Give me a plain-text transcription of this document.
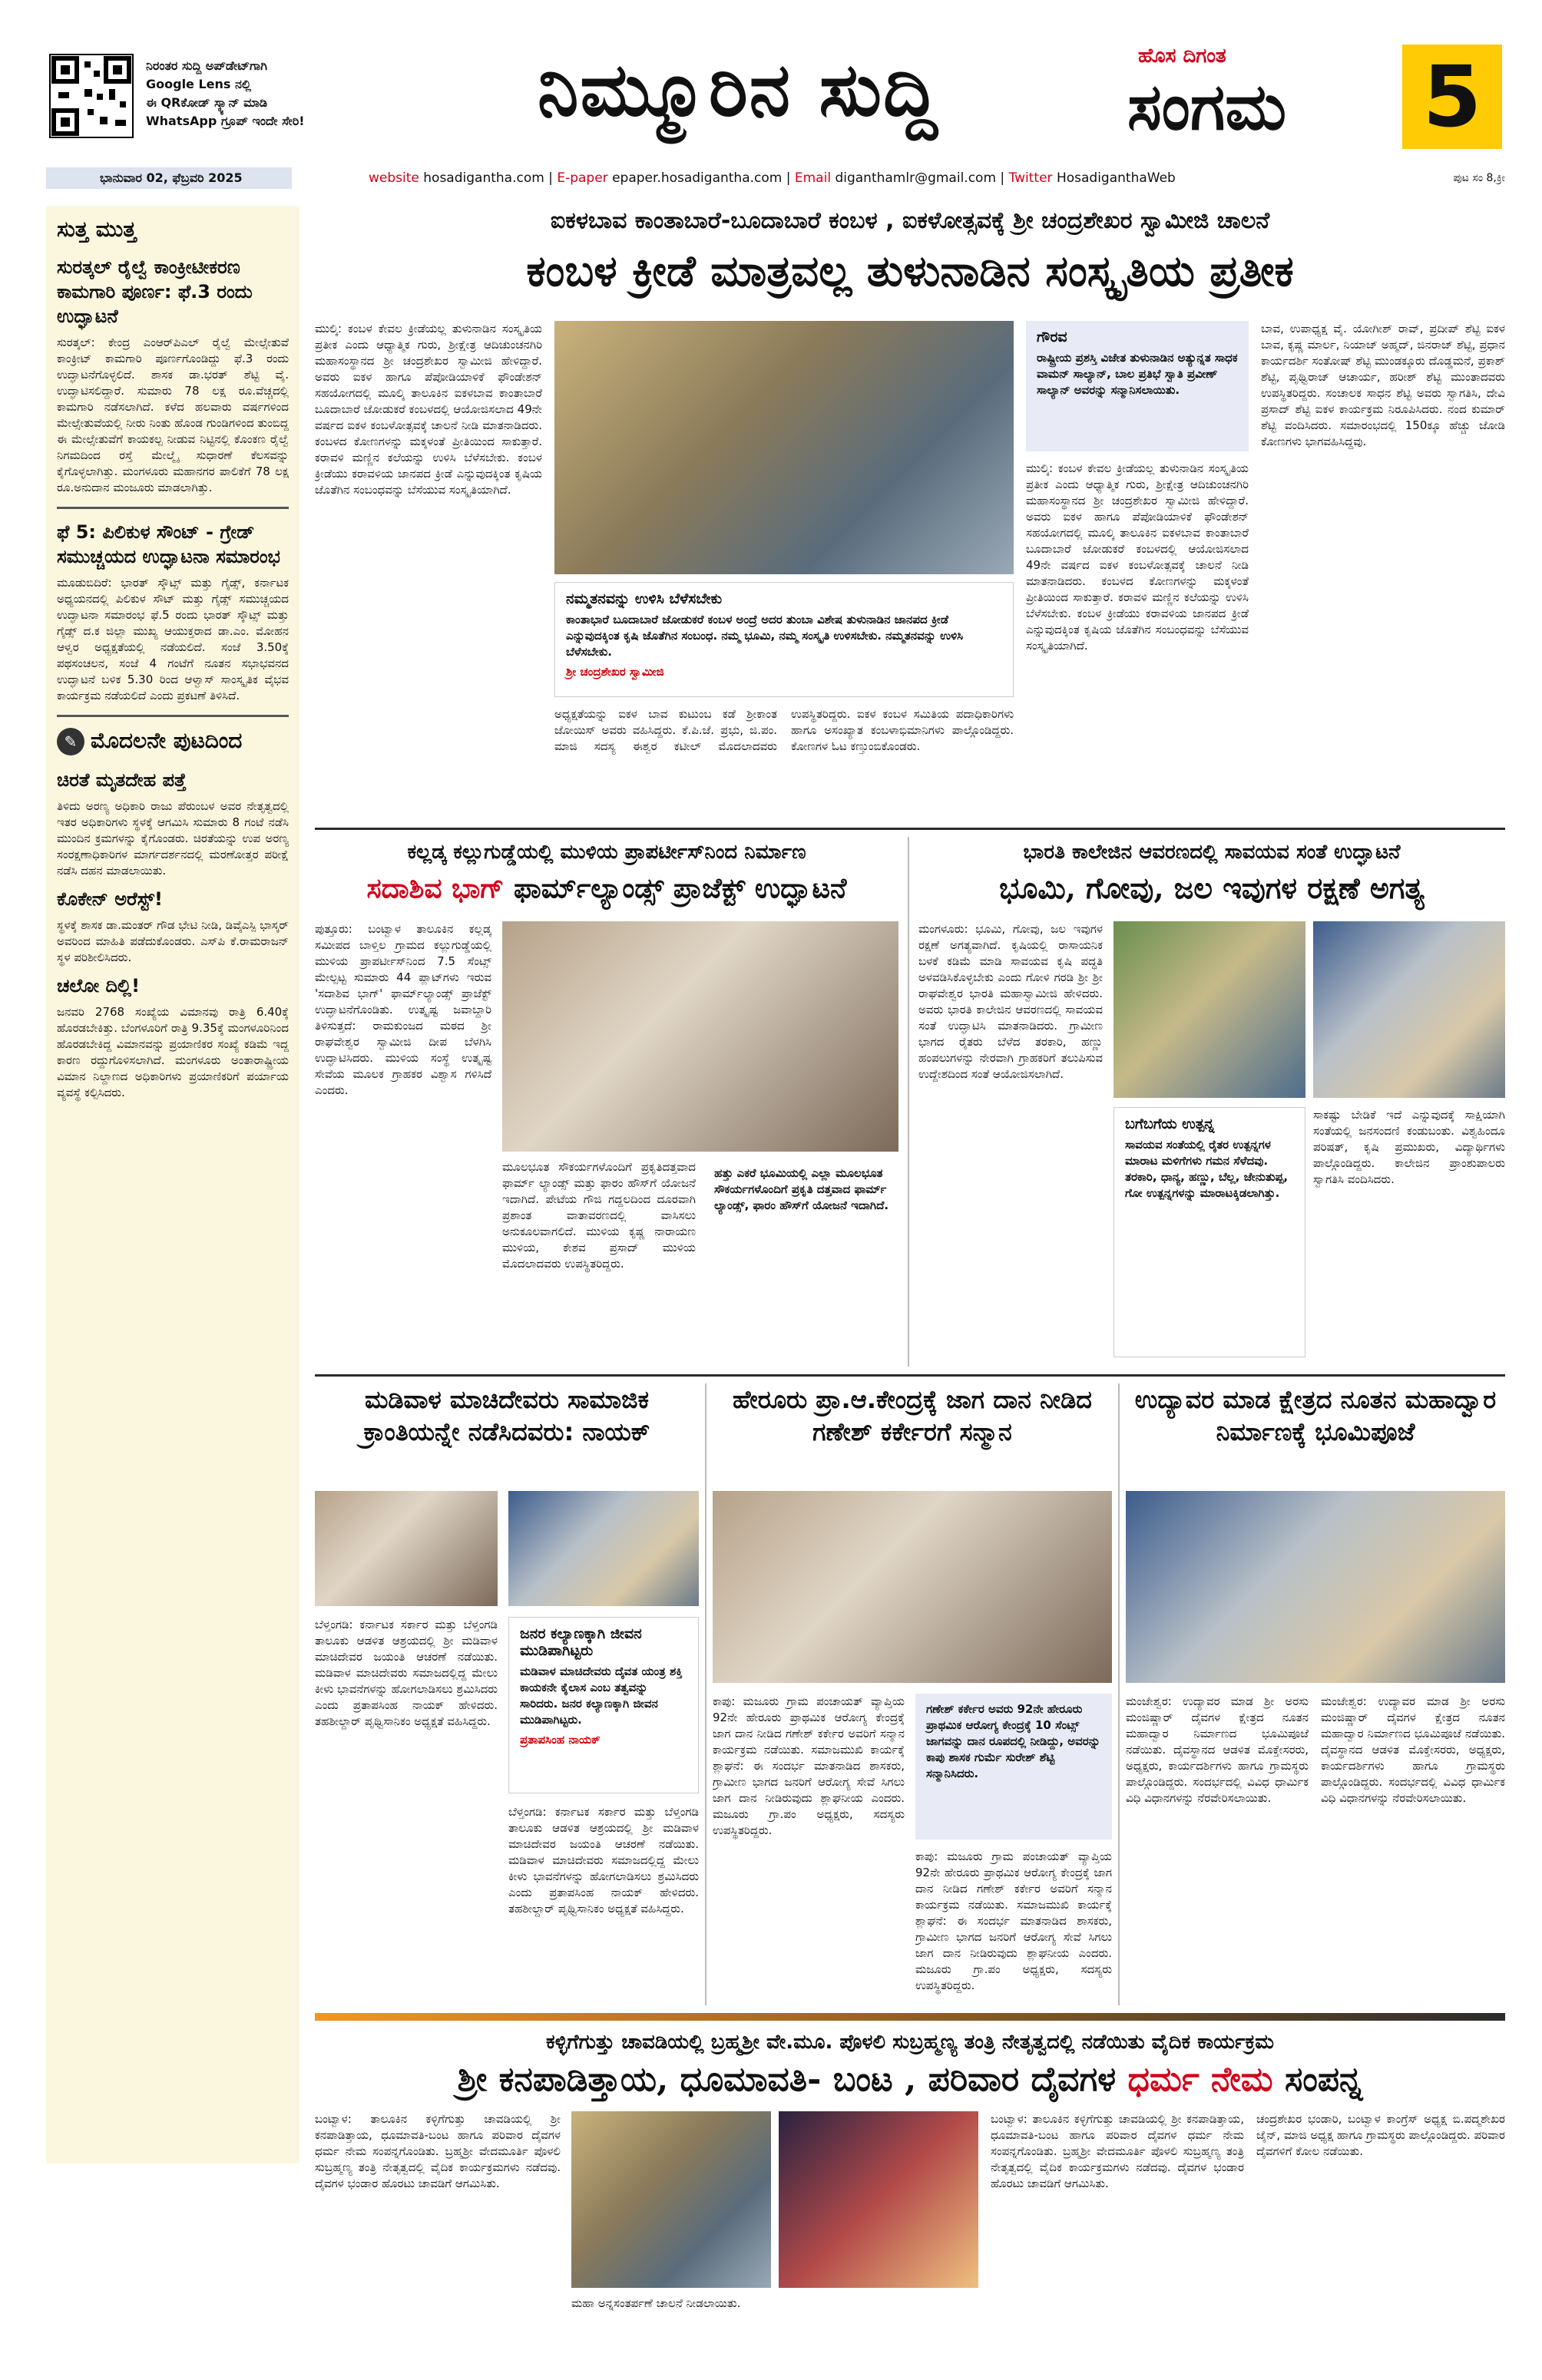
ನಿರಂತರ ಸುದ್ದಿ ಅಪ್‌ಡೇಟ್‌ಗಾಗಿ
Google Lens ನಲ್ಲಿ
ಈ QRಕೋಡ್ ಸ್ಕ್ಯಾನ್ ಮಾಡಿ
WhatsApp ಗ್ರೂಪ್ ಇಂದೇ ಸೇರಿ!	ನಿಮ್ಮೂರಿನ ಸುದ್ದಿ	ಹೊಸ ದಿಗಂತ
ಸಂಗಮ	5
ಭಾನುವಾರ 02, ಫೆಬ್ರವರಿ 2025	website hosadigantha.com | E-paper epaper.hosadigantha.com | Email diganthamlr@gmail.com | Twitter HosadiganthaWeb	ಪುಟ ಸಂ 8,ಕ್ರೀ
ಸುತ್ತ ಮುತ್ತ
ಸುರತ್ಕಲ್ ರೈಲ್ವೆ ಕಾಂಕ್ರೀಟೀಕರಣ ಕಾಮಗಾರಿ ಪೂರ್ಣ: ಫೆ.3 ರಂದು ಉದ್ಘಾಟನೆ
ಸುರತ್ಕಲ್: ಕೇಂದ್ರ ಎಂಆರ್‌ಪಿಎಲ್ ರೈಲ್ವೆ ಮೇಲ್ಸೇತುವೆ ಕಾಂಕ್ರೀಟ್ ಕಾಮಗಾರಿ ಪೂರ್ಣಗೊಂಡಿದ್ದು ಫೆ.3 ರಂದು ಉದ್ಘಾಟನೆಗೊಳ್ಳಲಿದೆ. ಶಾಸಕ ಡಾ.ಭರತ್ ಶೆಟ್ಟಿ ವೈ. ಉದ್ಘಾಟಿಸಲಿದ್ದಾರೆ. ಸುಮಾರು 78 ಲಕ್ಷ ರೂ.ವೆಚ್ಚದಲ್ಲಿ ಕಾಮಗಾರಿ ನಡೆಸಲಾಗಿದೆ. ಕಳೆದ ಹಲವಾರು ವರ್ಷಗಳಿಂದ ಮೇಲ್ಸೇತುವೆಯಲ್ಲಿ ನೀರು ನಿಂತು ಹೊಂಡ ಗುಂಡಿಗಳಿಂದ ತುಂಬಿದ್ದ ಈ ಮೇಲ್ಸೇತುವೆಗೆ ಕಾಯಕಲ್ಪ ನೀಡುವ ನಿಟ್ಟಿನಲ್ಲಿ ಕೊಂಕಣ ರೈಲ್ವೆ ನಿಗಮದಿಂದ ರಸ್ತೆ ಮೇಲ್ಮೈ ಸುಧಾರಣೆ ಕೆಲಸವನ್ನು ಕೈಗೊಳ್ಳಲಾಗಿತ್ತು. ಮಂಗಳೂರು ಮಹಾನಗರ ಪಾಲಿಕೆಗೆ 78 ಲಕ್ಷ ರೂ.ಅನುದಾನ ಮಂಜೂರು ಮಾಡಲಾಗಿತ್ತು.
ಫೆ 5: ಪಿಲಿಕುಳ ಸೌಂಟ್ - ಗ್ರೇಡ್ ಸಮುಚ್ಚಯದ ಉದ್ಘಾಟನಾ ಸಮಾರಂಭ
ಮೂಡುಬಿದಿರೆ: ಭಾರತ್ ಸ್ಕೌಟ್ಸ್ ಮತ್ತು ಗೈಡ್ಸ್, ಕರ್ನಾಟಕ ಅಧ್ಯಯನದಲ್ಲಿ ಪಿಲಿಕುಳ ಸೌಟ್ ಮತ್ತು ಗೈಡ್ಸ್ ಸಮುಚ್ಚಯದ ಉದ್ಘಾಟನಾ ಸಮಾರಂಭ ಫೆ.5 ರಂದು ಭಾರತ್ ಸ್ಕೌಟ್ಸ್ ಮತ್ತು ಗೈಡ್ಸ್ ದ.ಕ ಜಿಲ್ಲಾ ಮುಖ್ಯ ಆಯುಕ್ತರಾದ ಡಾ.ಎಂ. ಮೋಹನ ಆಳ್ವರ ಅಧ್ಯಕ್ಷತೆಯಲ್ಲಿ ನಡೆಯಲಿದೆ. ಸಂಜೆ 3.50ಕ್ಕೆ ಪಥಸಂಚಲನ, ಸಂಜೆ 4 ಗಂಟೆಗೆ ನೂತನ ಸಭಾಭವನದ ಉದ್ಘಾಟನೆ ಬಳಿಕ 5.30 ರಿಂದ ಆಳ್ವಾಸ್ ಸಾಂಸ್ಕೃತಿಕ ವೈಭವ ಕಾರ್ಯಕ್ರಮ ನಡೆಯಲಿದೆ ಎಂದು ಪ್ರಕಟಣೆ ತಿಳಿಸಿದೆ.
✎ ಮೊದಲನೇ ಪುಟದಿಂದ
ಚಿರತೆ ಮೃತದೇಹ ಪತ್ತೆ
ತಿಳಿದು ಅರಣ್ಯ ಅಧಿಕಾರಿ ರಾಜು ಪೆರುಂಬಳ ಅವರ ನೇತೃತ್ವದಲ್ಲಿ ಇತರ ಅಧಿಕಾರಿಗಳು ಸ್ಥಳಕ್ಕೆ ಆಗಮಿಸಿ ಸುಮಾರು 8 ಗಂಟೆ ನಡೆಸಿ ಮುಂದಿನ ಕ್ರಮಗಳನ್ನು ಕೈಗೊಂಡರು. ಚಿರತೆಯನ್ನು ಉಪ ಅರಣ್ಯ ಸಂರಕ್ಷಣಾಧಿಕಾರಿಗಳ ಮಾರ್ಗದರ್ಶನದಲ್ಲಿ ಮರಣೋತ್ತರ ಪರೀಕ್ಷೆ ನಡೆಸಿ ದಹನ ಮಾಡಲಾಯಿತು.
ಕೊಕೇನ್ ಅರೆಸ್ಟ್!
ಸ್ಥಳಕ್ಕೆ ಶಾಸಕ ಡಾ.ಮಂತರ್ ಗೌಡ ಭೇಟಿ ನೀಡಿ, ಡಿವೈಎಸ್ಪಿ ಭಾಸ್ಕರ್ ಅವರಿಂದ ಮಾಹಿತಿ ಪಡೆದುಕೊಂಡರು. ಎಸ್‌ಪಿ ಕೆ.ರಾಮರಾಜನ್ ಸ್ಥಳ ಪರಿಶೀಲಿಸಿದರು.
ಚಲೋ ದಿಲ್ಲಿ!
ಜನವರಿ 2768 ಸಂಖ್ಯೆಯ ವಿಮಾನವು ರಾತ್ರಿ 6.40ಕ್ಕೆ ಹೊರಡಬೇಕಿತ್ತು. ಬೆಂಗಳೂರಿಗೆ ರಾತ್ರಿ 9.35ಕ್ಕೆ ಮಂಗಳೂರಿನಿಂದ ಹೊರಡಬೇಕಿದ್ದ ವಿಮಾನವನ್ನು ಪ್ರಯಾಣಿಕರ ಸಂಖ್ಯೆ ಕಡಿಮೆ ಇದ್ದ ಕಾರಣ ರದ್ದುಗೊಳಿಸಲಾಗಿದೆ. ಮಂಗಳೂರು ಅಂತಾರಾಷ್ಟ್ರೀಯ ವಿಮಾನ ನಿಲ್ದಾಣದ ಅಧಿಕಾರಿಗಳು ಪ್ರಯಾಣಿಕರಿಗೆ ಪರ್ಯಾಯ ವ್ಯವಸ್ಥೆ ಕಲ್ಪಿಸಿದರು.
ಐಕಳಬಾವ ಕಾಂತಾಬಾರೆ-ಬೂದಾಬಾರೆ ಕಂಬಳ , ಐಕಳೋತ್ಸವಕ್ಕೆ ಶ್ರೀ ಚಂದ್ರಶೇಖರ ಸ್ವಾಮೀಜಿ ಚಾಲನೆ
ಕಂಬಳ ಕ್ರೀಡೆ ಮಾತ್ರವಲ್ಲ ತುಳುನಾಡಿನ ಸಂಸ್ಕೃತಿಯ ಪ್ರತೀಕ
ಮುಲ್ಕಿ: ಕಂಬಳ ಕೇವಲ ಕ್ರೀಡೆಯಲ್ಲ ತುಳುನಾಡಿನ ಸಂಸ್ಕೃತಿಯ ಪ್ರತೀಕ ಎಂದು ಆಧ್ಯಾತ್ಮಿಕ ಗುರು, ಶ್ರೀಕ್ಷೇತ್ರ ಆದಿಚುಂಚನಗಿರಿ ಮಹಾಸಂಸ್ಥಾನದ ಶ್ರೀ ಚಂದ್ರಶೇಖರ ಸ್ವಾಮೀಜಿ ಹೇಳಿದ್ದಾರೆ. ಅವರು ಐಕಳ ಹಾಗೂ ಪೆಪೋಡಿಯಾಳಿಕೆ ಫೌಂಡೇಶನ್ ಸಹಯೋಗದಲ್ಲಿ ಮೂಲ್ಕಿ ತಾಲೂಕಿನ ಐಕಳಬಾವ ಕಾಂತಾಬಾರೆ ಬೂದಾಬಾರೆ ಜೋಡುಕರೆ ಕಂಬಳದಲ್ಲಿ ಆಯೋಜಿಸಲಾದ 49ನೇ ವರ್ಷದ ಐಕಳ ಕಂಬಳೋತ್ಸವಕ್ಕೆ ಚಾಲನೆ ನೀಡಿ ಮಾತನಾಡಿದರು. ಕಂಬಳದ ಕೋಣಗಳನ್ನು ಮಕ್ಕಳಂತೆ ಪ್ರೀತಿಯಿಂದ ಸಾಕುತ್ತಾರೆ. ಕರಾವಳಿ ಮಣ್ಣಿನ ಕಲೆಯನ್ನು ಉಳಿಸಿ ಬೆಳೆಸಬೇಕು. ಕಂಬಳ ಕ್ರೀಡೆಯು ಕರಾವಳಿಯ ಜಾನಪದ ಕ್ರೀಡೆ ಎನ್ನುವುದಕ್ಕಿಂತ ಕೃಷಿಯ ಜೊತೆಗಿನ ಸಂಬಂಧವನ್ನು ಬೆಸೆಯುವ ಸಂಸ್ಕೃತಿಯಾಗಿದೆ.
ನಮ್ಮತನವನ್ನು ಉಳಿಸಿ ಬೆಳೆಸಬೇಕು
ಕಾಂತಾಭಾರೆ ಬೂದಾಬಾರೆ ಜೋಡುಕರೆ ಕಂಬಳ ಅಂದ್ರೆ ಅದರ ತುಂಬಾ ವಿಶೇಷ ತುಳುನಾಡಿನ ಜಾನಪದ ಕ್ರೀಡೆ ಎನ್ನುವುದಕ್ಕಿಂತ ಕೃಷಿ ಜೊತೆಗಿನ ಸಂಬಂಧ. ನಮ್ಮ ಭೂಮಿ, ನಮ್ಮ ಸಂಸ್ಕೃತಿ ಉಳಿಸಬೇಕು. ನಮ್ಮತನವನ್ನು ಉಳಿಸಿ ಬೆಳೆಸಬೇಕು.
ಶ್ರೀ ಚಂದ್ರಶೇಖರ ಸ್ವಾಮೀಜಿ
ಅಧ್ಯಕ್ಷತೆಯನ್ನು ಐಕಳ ಬಾವ ಕುಟುಂಬ ಕಡೆ ಶ್ರೀಕಾಂತ ಜೋಯಿಸ್ ಅವರು ವಹಿಸಿದ್ದರು. ಕೆ.ಪಿ.ಜೆ. ಪ್ರಭು, ಜಿ.ಪಂ. ಮಾಜಿ ಸದಸ್ಯ ಈಶ್ವರ ಕಟೀಲ್ ಮೊದಲಾದವರು ಉಪಸ್ಥಿತರಿದ್ದರು. ಐಕಳ ಕಂಬಳ ಸಮಿತಿಯ ಪದಾಧಿಕಾರಿಗಳು ಹಾಗೂ ಅಸಂಖ್ಯಾತ ಕಂಬಳಾಭಿಮಾನಿಗಳು ಪಾಲ್ಗೊಂಡಿದ್ದರು. ಕೋಣಗಳ ಓಟ ಕಣ್ತುಂಬಿಕೊಂಡರು.
ಗೌರವ
ರಾಷ್ಟ್ರೀಯ ಪ್ರಶಸ್ತಿ ವಿಜೇತ ತುಳುನಾಡಿನ ಅತ್ಯುನ್ನತ ಸಾಧಕ ವಾಮನ್ ಸಾಲ್ಯಾನ್, ಬಾಲ ಪ್ರತಿಭೆ ಸ್ವಾತಿ ಪ್ರವೀಣ್ ಸಾಲ್ಯಾನ್ ಅವರನ್ನು ಸನ್ಮಾನಿಸಲಾಯಿತು.
ಮುಲ್ಕಿ: ಕಂಬಳ ಕೇವಲ ಕ್ರೀಡೆಯಲ್ಲ ತುಳುನಾಡಿನ ಸಂಸ್ಕೃತಿಯ ಪ್ರತೀಕ ಎಂದು ಆಧ್ಯಾತ್ಮಿಕ ಗುರು, ಶ್ರೀಕ್ಷೇತ್ರ ಆದಿಚುಂಚನಗಿರಿ ಮಹಾಸಂಸ್ಥಾನದ ಶ್ರೀ ಚಂದ್ರಶೇಖರ ಸ್ವಾಮೀಜಿ ಹೇಳಿದ್ದಾರೆ. ಅವರು ಐಕಳ ಹಾಗೂ ಪೆಪೋಡಿಯಾಳಿಕೆ ಫೌಂಡೇಶನ್ ಸಹಯೋಗದಲ್ಲಿ ಮೂಲ್ಕಿ ತಾಲೂಕಿನ ಐಕಳಬಾವ ಕಾಂತಾಬಾರೆ ಬೂದಾಬಾರೆ ಜೋಡುಕರೆ ಕಂಬಳದಲ್ಲಿ ಆಯೋಜಿಸಲಾದ 49ನೇ ವರ್ಷದ ಐಕಳ ಕಂಬಳೋತ್ಸವಕ್ಕೆ ಚಾಲನೆ ನೀಡಿ ಮಾತನಾಡಿದರು. ಕಂಬಳದ ಕೋಣಗಳನ್ನು ಮಕ್ಕಳಂತೆ ಪ್ರೀತಿಯಿಂದ ಸಾಕುತ್ತಾರೆ. ಕರಾವಳಿ ಮಣ್ಣಿನ ಕಲೆಯನ್ನು ಉಳಿಸಿ ಬೆಳೆಸಬೇಕು. ಕಂಬಳ ಕ್ರೀಡೆಯು ಕರಾವಳಿಯ ಜಾನಪದ ಕ್ರೀಡೆ ಎನ್ನುವುದಕ್ಕಿಂತ ಕೃಷಿಯ ಜೊತೆಗಿನ ಸಂಬಂಧವನ್ನು ಬೆಸೆಯುವ ಸಂಸ್ಕೃತಿಯಾಗಿದೆ.
ಬಾವ, ಉಪಾಧ್ಯಕ್ಷ ವೈ. ಯೋಗೀಶ್ ರಾವ್, ಪ್ರದೀಪ್ ಶೆಟ್ಟಿ ಐಕಳ ಬಾವ, ಕೃಷ್ಣ ಮಾರ್ಲ, ನಿಯಾಜ್ ಅಹ್ಮದ್, ಜಿನರಾಜ್ ಶೆಟ್ಟಿ, ಪ್ರಧಾನ ಕಾರ್ಯದರ್ಶಿ ಸಂತೋಷ್ ಶೆಟ್ಟಿ ಮುಂಡಕ್ಕೂರು ದೊಡ್ಡಮನೆ, ಪ್ರಕಾಶ್ ಶೆಟ್ಟಿ, ಪೃಥ್ವಿರಾಜ್ ಆಚಾರ್ಯ, ಹರೀಶ್ ಶೆಟ್ಟಿ ಮುಂತಾದವರು ಉಪಸ್ಥಿತರಿದ್ದರು. ಸಂಚಾಲಕ ಸಾಧನ ಶೆಟ್ಟಿ ಅವರು ಸ್ವಾಗತಿಸಿ, ದೇವಿ ಪ್ರಸಾದ್ ಶೆಟ್ಟಿ ಐಕಳ ಕಾರ್ಯಕ್ರಮ ನಿರೂಪಿಸಿದರು. ನಂದ ಕುಮಾರ್ ಶೆಟ್ಟಿ ವಂದಿಸಿದರು. ಸಮಾರಂಭದಲ್ಲಿ 150ಕ್ಕೂ ಹೆಚ್ಚು ಜೋಡಿ ಕೋಣಗಳು ಭಾಗವಹಿಸಿದ್ದವು.
ಕಲ್ಲಡ್ಕ ಕಲ್ಲುಗುಡ್ಡೆಯಲ್ಲಿ ಮುಳಿಯ ಪ್ರಾಪರ್ಟೀಸ್‌ನಿಂದ ನಿರ್ಮಾಣ
ಸದಾಶಿವ ಭಾಗ್ ಫಾರ್ಮ್‌ಲ್ಯಾಂಡ್ಸ್ ಪ್ರಾಜೆಕ್ಟ್ ಉದ್ಘಾಟನೆ
ಪುತ್ತೂರು: ಬಂಟ್ವಾಳ ತಾಲೂಕಿನ ಕಲ್ಲಡ್ಕ ಸಮೀಪದ ಬಾಳ್ತಿಲ ಗ್ರಾಮದ ಕಲ್ಲುಗುಡ್ಡೆಯಲ್ಲಿ ಮುಳಿಯ ಪ್ರಾಪರ್ಟೀಸ್‌ನಿಂದ 7.5 ಸೆಂಟ್ಸ್ ಮೇಲ್ಪಟ್ಟ ಸುಮಾರು 44 ಪ್ಲಾಟ್‌ಗಳು ಇರುವ 'ಸದಾಶಿವ ಭಾಗ್' ಫಾರ್ಮ್‌ಲ್ಯಾಂಡ್ಸ್ ಪ್ರಾಜೆಕ್ಟ್ ಉದ್ಘಾಟನೆಗೊಂಡಿತು. ಉತ್ಕೃಷ್ಟ ಜವಾಬ್ದಾರಿ ತಿಳಿಸುತ್ತದೆ: ರಾಮಕುಂಜದ ಮಠದ ಶ್ರೀ ರಾಘವೇಶ್ವರ ಸ್ವಾಮೀಜಿ ದೀಪ ಬೆಳಗಿಸಿ ಉದ್ಘಾಟಿಸಿದರು. ಮುಳಿಯ ಸಂಸ್ಥೆ ಉತ್ಕೃಷ್ಟ ಸೇವೆಯ ಮೂಲಕ ಗ್ರಾಹಕರ ವಿಶ್ವಾಸ ಗಳಿಸಿದೆ ಎಂದರು.
ಹತ್ತು ಎಕರೆ ಭೂಮಿಯಲ್ಲಿ ಎಲ್ಲಾ ಮೂಲಭೂತ ಸೌಕರ್ಯಗಳೊಂದಿಗೆ ಪ್ರಕೃತಿ ದತ್ತವಾದ ಫಾರ್ಮ್ ಲ್ಯಾಂಡ್ಸ್, ಫಾರಂ ಹೌಸ್‌ಗೆ ಯೋಜನೆ ಇದಾಗಿದೆ.
ಮೂಲಭೂತ ಸೌಕರ್ಯಗಳೊಂದಿಗೆ ಪ್ರಕೃತಿದತ್ತವಾದ ಫಾರ್ಮ್ ಲ್ಯಾಂಡ್ಸ್ ಮತ್ತು ಫಾರಂ ಹೌಸ್‌ಗೆ ಯೋಜನೆ ಇದಾಗಿದೆ. ಪೇಟೆಯ ಗೌಜಿ ಗದ್ದಲದಿಂದ ದೂರವಾಗಿ ಪ್ರಶಾಂತ ವಾತಾವರಣದಲ್ಲಿ ವಾಸಿಸಲು ಅನುಕೂಲವಾಗಲಿದೆ. ಮುಳಿಯ ಕೃಷ್ಣ ನಾರಾಯಣ ಮುಳಿಯ, ಕೇಶವ ಪ್ರಸಾದ್ ಮುಳಿಯ ಮೊದಲಾದವರು ಉಪಸ್ಥಿತರಿದ್ದರು.
ಭಾರತಿ ಕಾಲೇಜಿನ ಆವರಣದಲ್ಲಿ ಸಾವಯವ ಸಂತೆ ಉದ್ಘಾಟನೆ
ಭೂಮಿ, ಗೋವು, ಜಲ ಇವುಗಳ ರಕ್ಷಣೆ ಅಗತ್ಯ
ಮಂಗಳೂರು: ಭೂಮಿ, ಗೋವು, ಜಲ ಇವುಗಳ ರಕ್ಷಣೆ ಅಗತ್ಯವಾಗಿದೆ. ಕೃಷಿಯಲ್ಲಿ ರಾಸಾಯನಿಕ ಬಳಕೆ ಕಡಿಮೆ ಮಾಡಿ ಸಾವಯವ ಕೃಷಿ ಪದ್ಧತಿ ಅಳವಡಿಸಿಕೊಳ್ಳಬೇಕು ಎಂದು ಗೋಳಿ ಗರಡಿ ಶ್ರೀ ಶ್ರೀ ರಾಘವೇಶ್ವರ ಭಾರತಿ ಮಹಾಸ್ವಾಮೀಜಿ ಹೇಳಿದರು. ಅವರು ಭಾರತಿ ಕಾಲೇಜಿನ ಆವರಣದಲ್ಲಿ ಸಾವಯವ ಸಂತೆ ಉದ್ಘಾಟಿಸಿ ಮಾತನಾಡಿದರು. ಗ್ರಾಮೀಣ ಭಾಗದ ರೈತರು ಬೆಳೆದ ತರಕಾರಿ, ಹಣ್ಣು ಹಂಪಲುಗಳನ್ನು ನೇರವಾಗಿ ಗ್ರಾಹಕರಿಗೆ ತಲುಪಿಸುವ ಉದ್ದೇಶದಿಂದ ಸಂತೆ ಆಯೋಜಿಸಲಾಗಿದೆ.
ಬಗೆಬಗೆಯ ಉತ್ಪನ್ನ
ಸಾವಯವ ಸಂತೆಯಲ್ಲಿ ರೈತರ ಉತ್ಪನ್ನಗಳ ಮಾರಾಟ ಮಳಿಗೆಗಳು ಗಮನ ಸೆಳೆದವು. ತರಕಾರಿ, ಧಾನ್ಯ, ಹಣ್ಣು, ಬೆಲ್ಲ, ಜೇನುತುಪ್ಪ, ಗೋ ಉತ್ಪನ್ನಗಳನ್ನು ಮಾರಾಟಕ್ಕಿಡಲಾಗಿತ್ತು.
ಸಾಕಷ್ಟು ಬೇಡಿಕೆ ಇದೆ ಎನ್ನುವುದಕ್ಕೆ ಸಾಕ್ಷಿಯಾಗಿ ಸಂತೆಯಲ್ಲಿ ಜನಸಂದಣಿ ಕಂಡುಬಂತು. ವಿಶ್ವಹಿಂದೂ ಪರಿಷತ್, ಕೃಷಿ ಪ್ರಮುಖರು, ವಿದ್ಯಾರ್ಥಿಗಳು ಪಾಲ್ಗೊಂಡಿದ್ದರು. ಕಾಲೇಜಿನ ಪ್ರಾಂಶುಪಾಲರು ಸ್ವಾಗತಿಸಿ ವಂದಿಸಿದರು.
ಮಡಿವಾಳ ಮಾಚಿದೇವರು ಸಾಮಾಜಿಕ ಕ್ರಾಂತಿಯನ್ನೇ ನಡೆಸಿದವರು: ನಾಯಕ್
ಬೆಳ್ತಂಗಡಿ: ಕರ್ನಾಟಕ ಸರ್ಕಾರ ಮತ್ತು ಬೆಳ್ತಂಗಡಿ ತಾಲೂಕು ಆಡಳಿತ ಆಶ್ರಯದಲ್ಲಿ ಶ್ರೀ ಮಡಿವಾಳ ಮಾಚಿದೇವರ ಜಯಂತಿ ಆಚರಣೆ ನಡೆಯಿತು. ಮಡಿವಾಳ ಮಾಚಿದೇವರು ಸಮಾಜದಲ್ಲಿದ್ದ ಮೇಲು ಕೀಳು ಭಾವನೆಗಳನ್ನು ಹೋಗಲಾಡಿಸಲು ಶ್ರಮಿಸಿದರು ಎಂದು ಪ್ರತಾಪಸಿಂಹ ನಾಯಕ್ ಹೇಳಿದರು. ತಹಶೀಲ್ದಾರ್ ಪೃಥ್ವಿಸಾನಿಕಂ ಅಧ್ಯಕ್ಷತೆ ವಹಿಸಿದ್ದರು.
ಜನರ ಕಲ್ಯಾಣಕ್ಕಾಗಿ ಜೀವನ ಮುಡಿಪಾಗಿಟ್ಟರು
ಮಡಿವಾಳ ಮಾಚಿದೇವರು ದೈವತ ಯಂತ್ರ ಶಕ್ತಿ ಕಾಯಕನೇ ಕೈಲಾಸ ಎಂಬ ತತ್ವವನ್ನು ಸಾರಿದರು. ಜನರ ಕಲ್ಯಾಣಕ್ಕಾಗಿ ಜೀವನ ಮುಡಿಪಾಗಿಟ್ಟರು.
ಪ್ರತಾಪಸಿಂಹ ನಾಯಕ್
ಬೆಳ್ತಂಗಡಿ: ಕರ್ನಾಟಕ ಸರ್ಕಾರ ಮತ್ತು ಬೆಳ್ತಂಗಡಿ ತಾಲೂಕು ಆಡಳಿತ ಆಶ್ರಯದಲ್ಲಿ ಶ್ರೀ ಮಡಿವಾಳ ಮಾಚಿದೇವರ ಜಯಂತಿ ಆಚರಣೆ ನಡೆಯಿತು. ಮಡಿವಾಳ ಮಾಚಿದೇವರು ಸಮಾಜದಲ್ಲಿದ್ದ ಮೇಲು ಕೀಳು ಭಾವನೆಗಳನ್ನು ಹೋಗಲಾಡಿಸಲು ಶ್ರಮಿಸಿದರು ಎಂದು ಪ್ರತಾಪಸಿಂಹ ನಾಯಕ್ ಹೇಳಿದರು. ತಹಶೀಲ್ದಾರ್ ಪೃಥ್ವಿಸಾನಿಕಂ ಅಧ್ಯಕ್ಷತೆ ವಹಿಸಿದ್ದರು.
ಹೇರೂರು ಪ್ರಾ.ಆ.ಕೇಂದ್ರಕ್ಕೆ ಜಾಗ ದಾನ ನೀಡಿದ ಗಣೇಶ್ ಕರ್ಕೇರಗೆ ಸನ್ಮಾನ
ಕಾಪು: ಮಜೂರು ಗ್ರಾಮ ಪಂಚಾಯತ್ ವ್ಯಾಪ್ತಿಯ 92ನೇ ಹೇರೂರು ಪ್ರಾಥಮಿಕ ಆರೋಗ್ಯ ಕೇಂದ್ರಕ್ಕೆ ಜಾಗ ದಾನ ನೀಡಿದ ಗಣೇಶ್ ಕರ್ಕೇರ ಅವರಿಗೆ ಸನ್ಮಾನ ಕಾರ್ಯಕ್ರಮ ನಡೆಯಿತು. ಸಮಾಜಮುಖಿ ಕಾರ್ಯಕ್ಕೆ ಶ್ಲಾಘನೆ: ಈ ಸಂದರ್ಭ ಮಾತನಾಡಿದ ಶಾಸಕರು, ಗ್ರಾಮೀಣ ಭಾಗದ ಜನರಿಗೆ ಆರೋಗ್ಯ ಸೇವೆ ಸಿಗಲು ಜಾಗ ದಾನ ನೀಡಿರುವುದು ಶ್ಲಾಘನೀಯ ಎಂದರು. ಮಜೂರು ಗ್ರಾ.ಪಂ ಅಧ್ಯಕ್ಷರು, ಸದಸ್ಯರು ಉಪಸ್ಥಿತರಿದ್ದರು.
ಗಣೇಶ್ ಕರ್ಕೇರ ಅವರು 92ನೇ ಹೇರೂರು ಪ್ರಾಥಮಿಕ ಆರೋಗ್ಯ ಕೇಂದ್ರಕ್ಕೆ 10 ಸೆಂಟ್ಸ್ ಜಾಗವನ್ನು ದಾನ ರೂಪದಲ್ಲಿ ನೀಡಿದ್ದು, ಅವರನ್ನು ಕಾಪು ಶಾಸಕ ಗುರ್ಮೆ ಸುರೇಶ್ ಶೆಟ್ಟಿ ಸನ್ಮಾನಿಸಿದರು.
ಕಾಪು: ಮಜೂರು ಗ್ರಾಮ ಪಂಚಾಯತ್ ವ್ಯಾಪ್ತಿಯ 92ನೇ ಹೇರೂರು ಪ್ರಾಥಮಿಕ ಆರೋಗ್ಯ ಕೇಂದ್ರಕ್ಕೆ ಜಾಗ ದಾನ ನೀಡಿದ ಗಣೇಶ್ ಕರ್ಕೇರ ಅವರಿಗೆ ಸನ್ಮಾನ ಕಾರ್ಯಕ್ರಮ ನಡೆಯಿತು. ಸಮಾಜಮುಖಿ ಕಾರ್ಯಕ್ಕೆ ಶ್ಲಾಘನೆ: ಈ ಸಂದರ್ಭ ಮಾತನಾಡಿದ ಶಾಸಕರು, ಗ್ರಾಮೀಣ ಭಾಗದ ಜನರಿಗೆ ಆರೋಗ್ಯ ಸೇವೆ ಸಿಗಲು ಜಾಗ ದಾನ ನೀಡಿರುವುದು ಶ್ಲಾಘನೀಯ ಎಂದರು. ಮಜೂರು ಗ್ರಾ.ಪಂ ಅಧ್ಯಕ್ಷರು, ಸದಸ್ಯರು ಉಪಸ್ಥಿತರಿದ್ದರು.
ಉದ್ಯಾವರ ಮಾಡ ಕ್ಷೇತ್ರದ ನೂತನ ಮಹಾದ್ವಾರ ನಿರ್ಮಾಣಕ್ಕೆ ಭೂಮಿಪೂಜೆ
ಮಂಜೇಶ್ವರ: ಉದ್ಯಾವರ ಮಾಡ ಶ್ರೀ ಅರಸು ಮಂಜಿಷ್ಣಾರ್ ದೈವಗಳ ಕ್ಷೇತ್ರದ ನೂತನ ಮಹಾದ್ವಾರ ನಿರ್ಮಾಣದ ಭೂಮಿಪೂಜೆ ನಡೆಯಿತು. ದೈವಸ್ಥಾನದ ಆಡಳಿತ ಮೊಕ್ತೇಸರರು, ಅಧ್ಯಕ್ಷರು, ಕಾರ್ಯದರ್ಶಿಗಳು ಹಾಗೂ ಗ್ರಾಮಸ್ಥರು ಪಾಲ್ಗೊಂಡಿದ್ದರು. ಸಂದರ್ಭದಲ್ಲಿ ವಿವಿಧ ಧಾರ್ಮಿಕ ವಿಧಿ ವಿಧಾನಗಳನ್ನು ನೆರವೇರಿಸಲಾಯಿತು.
ಮಂಜೇಶ್ವರ: ಉದ್ಯಾವರ ಮಾಡ ಶ್ರೀ ಅರಸು ಮಂಜಿಷ್ಣಾರ್ ದೈವಗಳ ಕ್ಷೇತ್ರದ ನೂತನ ಮಹಾದ್ವಾರ ನಿರ್ಮಾಣದ ಭೂಮಿಪೂಜೆ ನಡೆಯಿತು. ದೈವಸ್ಥಾನದ ಆಡಳಿತ ಮೊಕ್ತೇಸರರು, ಅಧ್ಯಕ್ಷರು, ಕಾರ್ಯದರ್ಶಿಗಳು ಹಾಗೂ ಗ್ರಾಮಸ್ಥರು ಪಾಲ್ಗೊಂಡಿದ್ದರು. ಸಂದರ್ಭದಲ್ಲಿ ವಿವಿಧ ಧಾರ್ಮಿಕ ವಿಧಿ ವಿಧಾನಗಳನ್ನು ನೆರವೇರಿಸಲಾಯಿತು.
ಕಳ್ಳಿಗೆಗುತ್ತು ಚಾವಡಿಯಲ್ಲಿ ಬ್ರಹ್ಮಶ್ರೀ ವೇ.ಮೂ. ಪೊಳಲಿ ಸುಬ್ರಹ್ಮಣ್ಯ ತಂತ್ರಿ ನೇತೃತ್ವದಲ್ಲಿ ನಡೆಯಿತು ವೈದಿಕ ಕಾರ್ಯಕ್ರಮ
ಶ್ರೀ ಕನಪಾಡಿತ್ತಾಯ, ಧೂಮಾವತಿ- ಬಂಟ , ಪರಿವಾರ ದೈವಗಳ ಧರ್ಮ ನೇಮ ಸಂಪನ್ನ
ಬಂಟ್ವಾಳ: ತಾಲೂಕಿನ ಕಳ್ಳಿಗೆಗುತ್ತು ಚಾವಡಿಯಲ್ಲಿ ಶ್ರೀ ಕನಪಾಡಿತ್ತಾಯ, ಧೂಮಾವತಿ-ಬಂಟ ಹಾಗೂ ಪರಿವಾರ ದೈವಗಳ ಧರ್ಮ ನೇಮ ಸಂಪನ್ನಗೊಂಡಿತು. ಬ್ರಹ್ಮಶ್ರೀ ವೇದಮೂರ್ತಿ ಪೊಳಲಿ ಸುಬ್ರಹ್ಮಣ್ಯ ತಂತ್ರಿ ನೇತೃತ್ವದಲ್ಲಿ ವೈದಿಕ ಕಾರ್ಯಕ್ರಮಗಳು ನಡೆದವು. ದೈವಗಳ ಭಂಡಾರ ಹೊರಟು ಚಾವಡಿಗೆ ಆಗಮಿಸಿತು.
ಮಹಾ ಅನ್ನಸಂತರ್ಪಣೆ ಚಾಲನೆ ನೀಡಲಾಯಿತು.
ಬಂಟ್ವಾಳ: ತಾಲೂಕಿನ ಕಳ್ಳಿಗೆಗುತ್ತು ಚಾವಡಿಯಲ್ಲಿ ಶ್ರೀ ಕನಪಾಡಿತ್ತಾಯ, ಧೂಮಾವತಿ-ಬಂಟ ಹಾಗೂ ಪರಿವಾರ ದೈವಗಳ ಧರ್ಮ ನೇಮ ಸಂಪನ್ನಗೊಂಡಿತು. ಬ್ರಹ್ಮಶ್ರೀ ವೇದಮೂರ್ತಿ ಪೊಳಲಿ ಸುಬ್ರಹ್ಮಣ್ಯ ತಂತ್ರಿ ನೇತೃತ್ವದಲ್ಲಿ ವೈದಿಕ ಕಾರ್ಯಕ್ರಮಗಳು ನಡೆದವು. ದೈವಗಳ ಭಂಡಾರ ಹೊರಟು ಚಾವಡಿಗೆ ಆಗಮಿಸಿತು.
ಚಂದ್ರಶೇಖರ ಭಂಡಾರಿ, ಬಂಟ್ವಾಳ ಕಾಂಗ್ರೆಸ್ ಅಧ್ಯಕ್ಷ ಬಿ.ಪದ್ಮಶೇಖರ ಜೈನ್, ಮಾಜಿ ಅಧ್ಯಕ್ಷ ಹಾಗೂ ಗ್ರಾಮಸ್ಥರು ಪಾಲ್ಗೊಂಡಿದ್ದರು. ಪರಿವಾರ ದೈವಗಳಿಗೆ ಕೋಲ ನಡೆಯಿತು.
